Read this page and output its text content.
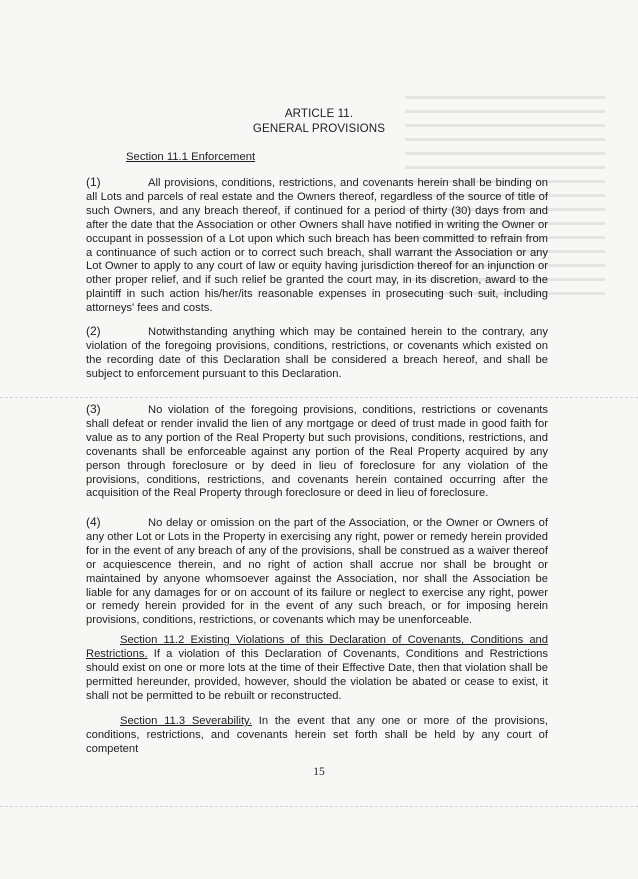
ARTICLE 11.
GENERAL PROVISIONS
Section 11.1 Enforcement

(1)	All provisions, conditions, restrictions, and covenants herein shall be binding on all Lots and parcels of real estate and the Owners thereof, regardless of the source of title of such Owners, and any breach thereof, if continued for a period of thirty (30) days from and after the date that the Association or other Owners shall have notified in writing the Owner or occupant in possession of a Lot upon which such breach has been committed to refrain from a continuance of such action or to correct such breach, shall warrant the Association or any Lot Owner to apply to any court of law or equity having jurisdiction thereof for an injunction or other proper relief, and if such relief be granted the court may, in its discretion, award to the plaintiff in such action his/her/its reasonable expenses in prosecuting such suit, including attorneys' fees and costs.

(2)	Notwithstanding anything which may be contained herein to the contrary, any violation of the foregoing provisions, conditions, restrictions, or covenants which existed on the recording date of this Declaration shall be considered a breach hereof, and shall be subject to enforcement pursuant to this Declaration.

(3)	No violation of the foregoing provisions, conditions, restrictions or covenants shall defeat or render invalid the lien of any mortgage or deed of trust made in good faith for value as to any portion of the Real Property but such provisions, conditions, restrictions, and covenants shall be enforceable against any portion of the Real Property acquired by any person through foreclosure or by deed in lieu of foreclosure for any violation of the provisions, conditions, restrictions, and covenants herein contained occurring after the acquisition of the Real Property through foreclosure or deed in lieu of foreclosure.

(4)	No delay or omission on the part of the Association, or the Owner or Owners of any other Lot or Lots in the Property in exercising any right, power or remedy herein provided for in the event of any breach of any of the provisions, shall be construed as a waiver thereof or acquiescence therein, and no right of action shall accrue nor shall be brought or maintained by anyone whomsoever against the Association, nor shall the Association be liable for any damages for or on account of its failure or neglect to exercise any right, power or remedy herein provided for in the event of any such breach, or for imposing herein provisions, conditions, restrictions, or covenants which may be unenforceable.

Section 11.2 Existing Violations of this Declaration of Covenants, Conditions and Restrictions. If a violation of this Declaration of Covenants, Conditions and Restrictions should exist on one or more lots at the time of their Effective Date, then that violation shall be permitted hereunder, provided, however, should the violation be abated or cease to exist, it shall not be permitted to be rebuilt or reconstructed.

Section 11.3 Severability. In the event that any one or more of the provisions, conditions, restrictions, and covenants herein set forth shall be held by any court of competent

15
